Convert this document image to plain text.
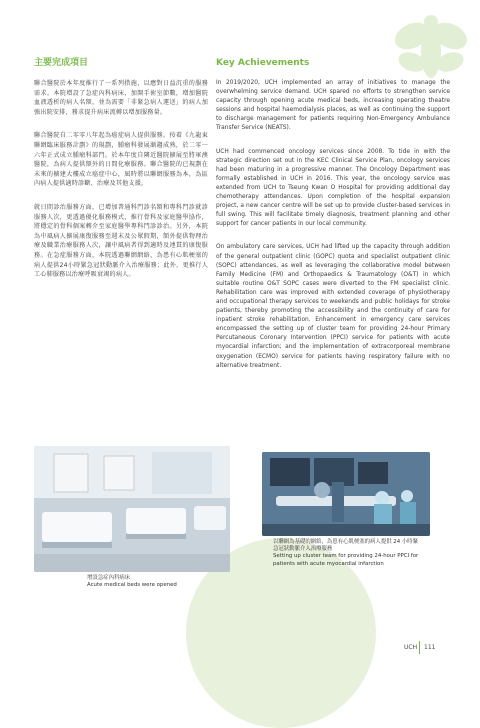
主要完成項目

聯合醫院於本年度推行了一系列措施，以應對日益沉重的服務需求。本院增設了急症內科病床，加開手術室節數，增加醫院血液透析的病人名額，並為需要「非緊急病人運送」的病人加強出院安排，務求提升病床流轉以增加服務量。

聯合醫院自二零零八年起為癌症病人提供服務。按着《九龍東聯網臨床服務計劃》的規劃，腫瘤科發展漸趨成熟，於二零一六年正式成立腫瘤科部門。於本年度自隣近醫院擴展至將軍澳醫院，為病人提供額外的日間化療服務。聯合醫院的已規劃在未來的擴建大樓成立癌症中心，屆時將以聯網服務為本，為區內病人提供適時診斷、治療及其他支援。

就日間診治服務方面，已增加普通科門診名額和專科門診就診服務人次，更透過優化服務模式，推行骨科及家庭醫學協作，將穩定的骨科個案轉介至家庭醫學專科門診診治。另外，本院為中風病人擴展康復服務至週末及公眾假期，額外提供物理治療及職業治療服務人次，讓中風病者得到適時及連貫的康復服務。在急症服務方面，本院透過聯網網絡，為患有心肌梗塞的病人提供24小時緊急冠狀動脈介入治療服務；此外，更推行人工心肺服務以治療呼吸衰竭的病人。

Key Achievements

In 2019/2020, UCH implemented an array of initiatives to manage the overwhelming service demand. UCH spared no efforts to strengthen service capacity through opening acute medical beds, increasing operating theatre sessions and hospital haemodialysis places, as well as continuing the support to discharge management for patients requiring Non-Emergency Ambulance Transfer Service (NEATS).

UCH had commenced oncology services since 2008. To tide in with the strategic direction set out in the KEC Clinical Service Plan, oncology services had been maturing in a progressive manner. The Oncology Department was formally established in UCH in 2016. This year, the oncology service was extended from UCH to Tseung Kwan O Hospital for providing additional day chemotherapy attendances. Upon completion of the hospital expansion project, a new cancer centre will be set up to provide cluster-based services in full swing. This will facilitate timely diagnosis, treatment planning and other support for cancer patients in our local community.

On ambulatory care services, UCH had lifted up the capacity through addition of the general outpatient clinic (GOPC) quota and specialist outpatient clinic (SOPC) attendances, as well as leveraging the collaborative model between Family Medicine (FM) and Orthopaedics & Traumatology (O&T) in which suitable routine O&T SOPC cases were diverted to the FM specialist clinic. Rehabilitation care was improved with extended coverage of physiotherapy and occupational therapy services to weekends and public holidays for stroke patients, thereby promoting the accessibility and the continuity of care for inpatient stroke rehabilitation. Enhancement in emergency care services encompassed the setting up of cluster team for providing 24-hour Primary Percutaneous Coronary Intervention (PPCI) service for patients with acute myocardial infarction; and the implementation of extracorporeal membrane oxygenation (ECMO) service for patients having respiratory failure with no alternative treatment.

增設急症內科病床
Acute medical beds were opened
以聯網為基礎的網絡，為患有心肌梗塞的病人提供 24 小時緊急冠狀動脈介入治療服務
Setting up cluster team for providing 24-hour PPCI for patients with acute myocardial infarction
UCH 111
